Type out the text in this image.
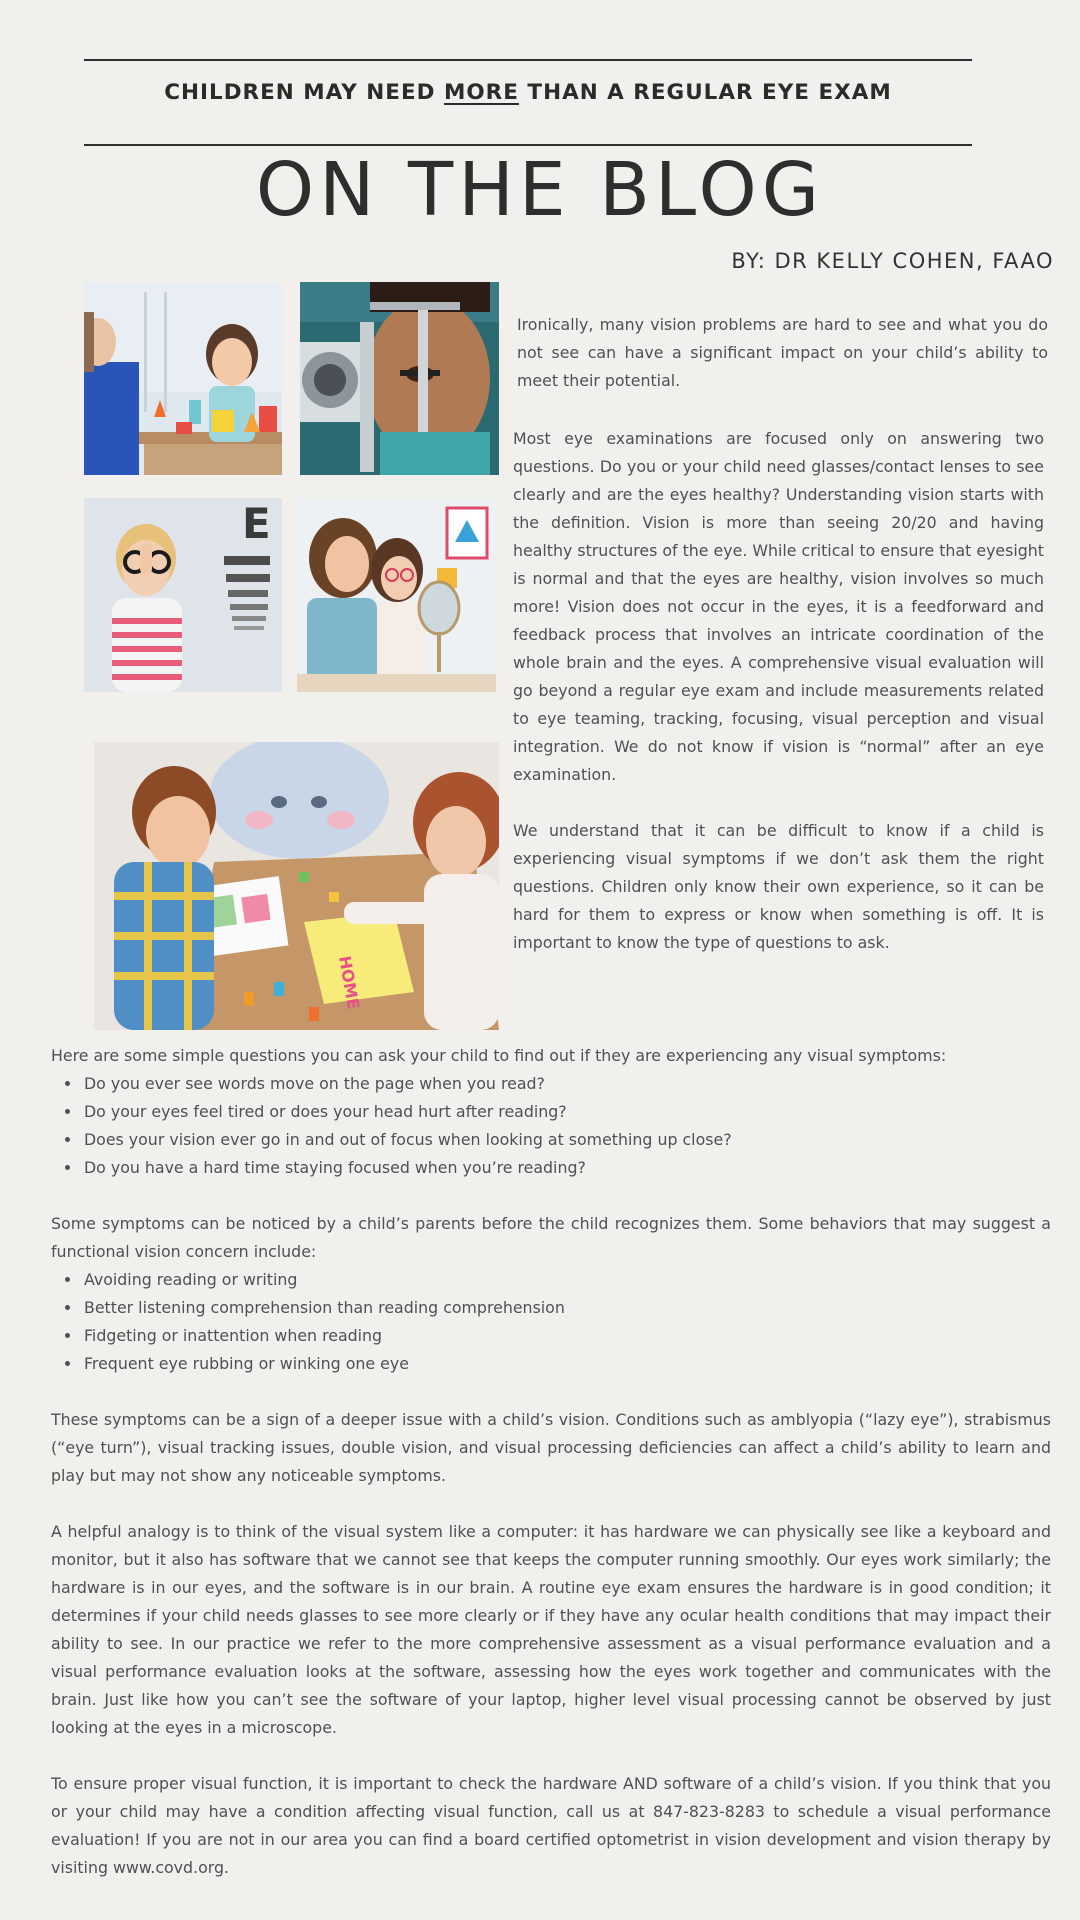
CHILDREN MAY NEED MORE THAN A REGULAR EYE EXAM
ON THE BLOG
BY: DR KELLY COHEN, FAAO
E
HOME

Ironically, many vision problems are hard to see and what you do not see can have a significant impact on your child’s ability to meet their potential.

Most eye examinations are focused only on answering two questions. Do you or your child need glasses/contact lenses to see clearly and are the eyes healthy? Understanding vision starts with the definition. Vision is more than seeing 20/20 and having healthy structures of the eye. While critical to ensure that eyesight is normal and that the eyes are healthy, vision involves so much more! Vision does not occur in the eyes, it is a feedforward and feedback process that involves an intricate coordination of the whole brain and the eyes. A comprehensive visual evaluation will go beyond a regular eye exam and include measurements related to eye teaming, tracking, focusing, visual perception and visual integration. We do not know if vision is “normal” after an eye examination.

We understand that it can be difficult to know if a child is experiencing visual symptoms if we don’t ask them the right questions. Children only know their own experience, so it can be hard for them to express or know when something is off. It is important to know the type of questions to ask.

Here are some simple questions you can ask your child to find out if they are experiencing any visual symptoms:

• Do you ever see words move on the page when you read?
• Do your eyes feel tired or does your head hurt after reading?
• Does your vision ever go in and out of focus when looking at something up close?
• Do you have a hard time staying focused when you’re reading?

Some symptoms can be noticed by a child’s parents before the child recognizes them. Some behaviors that may suggest a functional vision concern include:

• Avoiding reading or writing
• Better listening comprehension than reading comprehension
• Fidgeting or inattention when reading
• Frequent eye rubbing or winking one eye

These symptoms can be a sign of a deeper issue with a child’s vision. Conditions such as amblyopia (“lazy eye”), strabismus (“eye turn”), visual tracking issues, double vision, and visual processing deficiencies can affect a child’s ability to learn and play but may not show any noticeable symptoms.

A helpful analogy is to think of the visual system like a computer: it has hardware we can physically see like a keyboard and monitor, but it also has software that we cannot see that keeps the computer running smoothly. Our eyes work similarly; the hardware is in our eyes, and the software is in our brain. A routine eye exam ensures the hardware is in good condition; it determines if your child needs glasses to see more clearly or if they have any ocular health conditions that may impact their ability to see. In our practice we refer to the more comprehensive assessment as a visual performance evaluation and a visual performance evaluation looks at the software, assessing how the eyes work together and communicates with the brain. Just like how you can’t see the software of your laptop, higher level visual processing cannot be observed by just looking at the eyes in a microscope.

To ensure proper visual function, it is important to check the hardware AND software of a child’s vision. If you think that you or your child may have a condition affecting visual function, call us at 847-823-8283 to schedule a visual performance evaluation! If you are not in our area you can find a board certified optometrist in vision development and vision therapy by visiting www.covd.org.
